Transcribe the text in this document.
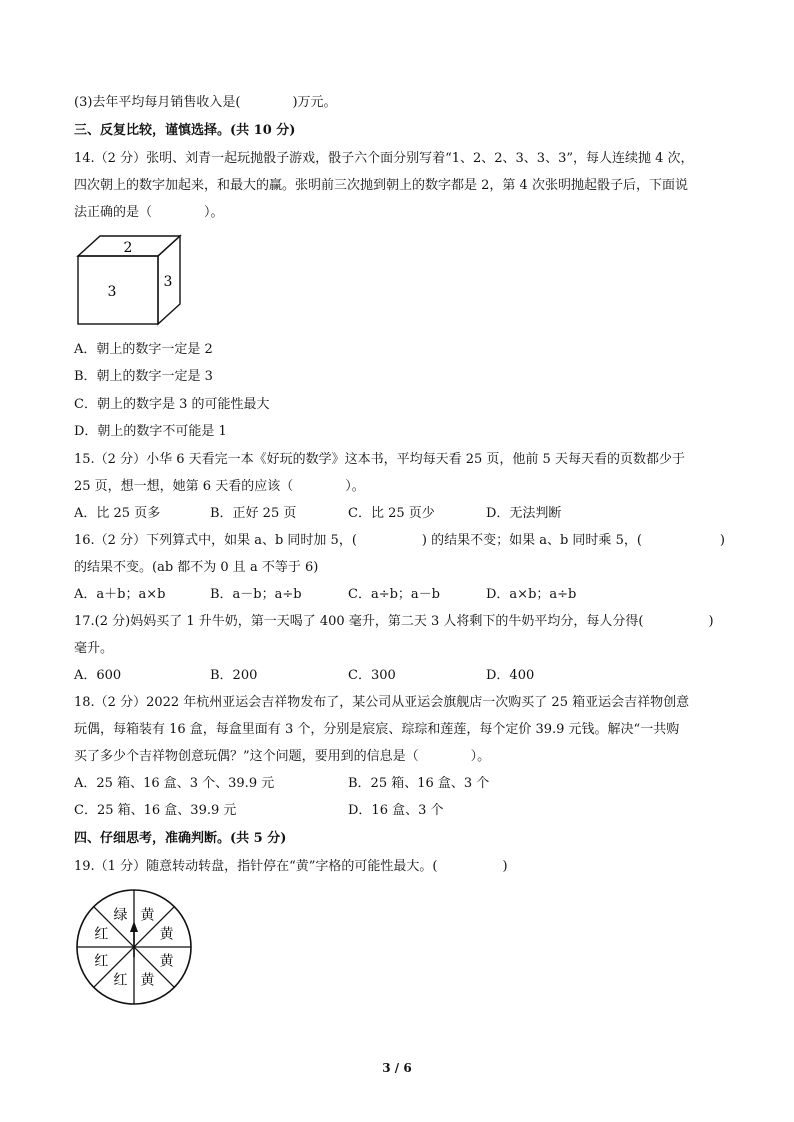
(3)去年平均每月销售收入是(　　　　)万元。
三、反复比较，谨慎选择。(共 10 分)
14.（2 分）张明、刘青一起玩抛骰子游戏，骰子六个面分别写着“1、2、2、3、3、3”，每人连续抛 4 次，
四次朝上的数字加起来，和最大的赢。张明前三次抛到朝上的数字都是 2，第 4 次张明抛起骰子后，下面说
法正确的是（　　　　）。
2
3
3
A．朝上的数字一定是 2
B．朝上的数字一定是 3
C．朝上的数字是 3 的可能性最大
D．朝上的数字不可能是 1
15.（2 分）小华 6 天看完一本《好玩的数学》这本书，平均每天看 25 页，他前 5 天每天看的页数都少于
25 页，想一想，她第 6 天看的应该（　　　　）。
A．比 25 页多	B．正好 25 页	C．比 25 页少	D．无法判断
16.（2 分）下列算式中，如果 a、b 同时加 5，(　　　　　) 的结果不变；如果 a、b 同时乘 5，(　　　　　　)
的结果不变。(ab 都不为 0 且 a 不等于 6)
A．a＋b；a×b	B．a－b；a÷b	C．a÷b；a－b	D．a×b；a÷b
17.(2 分)妈妈买了 1 升牛奶，第一天喝了 400 毫升，第二天 3 人将剩下的牛奶平均分，每人分得(　　　　　)
毫升。
A．600	B．200	C．300	D．400
18.（2 分）2022 年杭州亚运会吉祥物发布了，某公司从亚运会旗舰店一次购买了 25 箱亚运会吉祥物创意
玩偶，每箱装有 16 盒，每盒里面有 3 个，分别是宸宸、琮琮和莲莲，每个定价 39.9 元钱。解决“一共购
买了多少个吉祥物创意玩偶？”这个问题，要用到的信息是（　　　　）。
A．25 箱、16 盒、3 个、39.9 元	B．25 箱、16 盒、3 个
C．25 箱、16 盒、39.9 元	D．16 盒、3 个
四、仔细思考，准确判断。(共 5 分)
19.（1 分）随意转动转盘，指针停在“黄”字格的可能性最大。(　　　　　)
黄
黄
黄
黄
红
红
红
绿
3 / 6
